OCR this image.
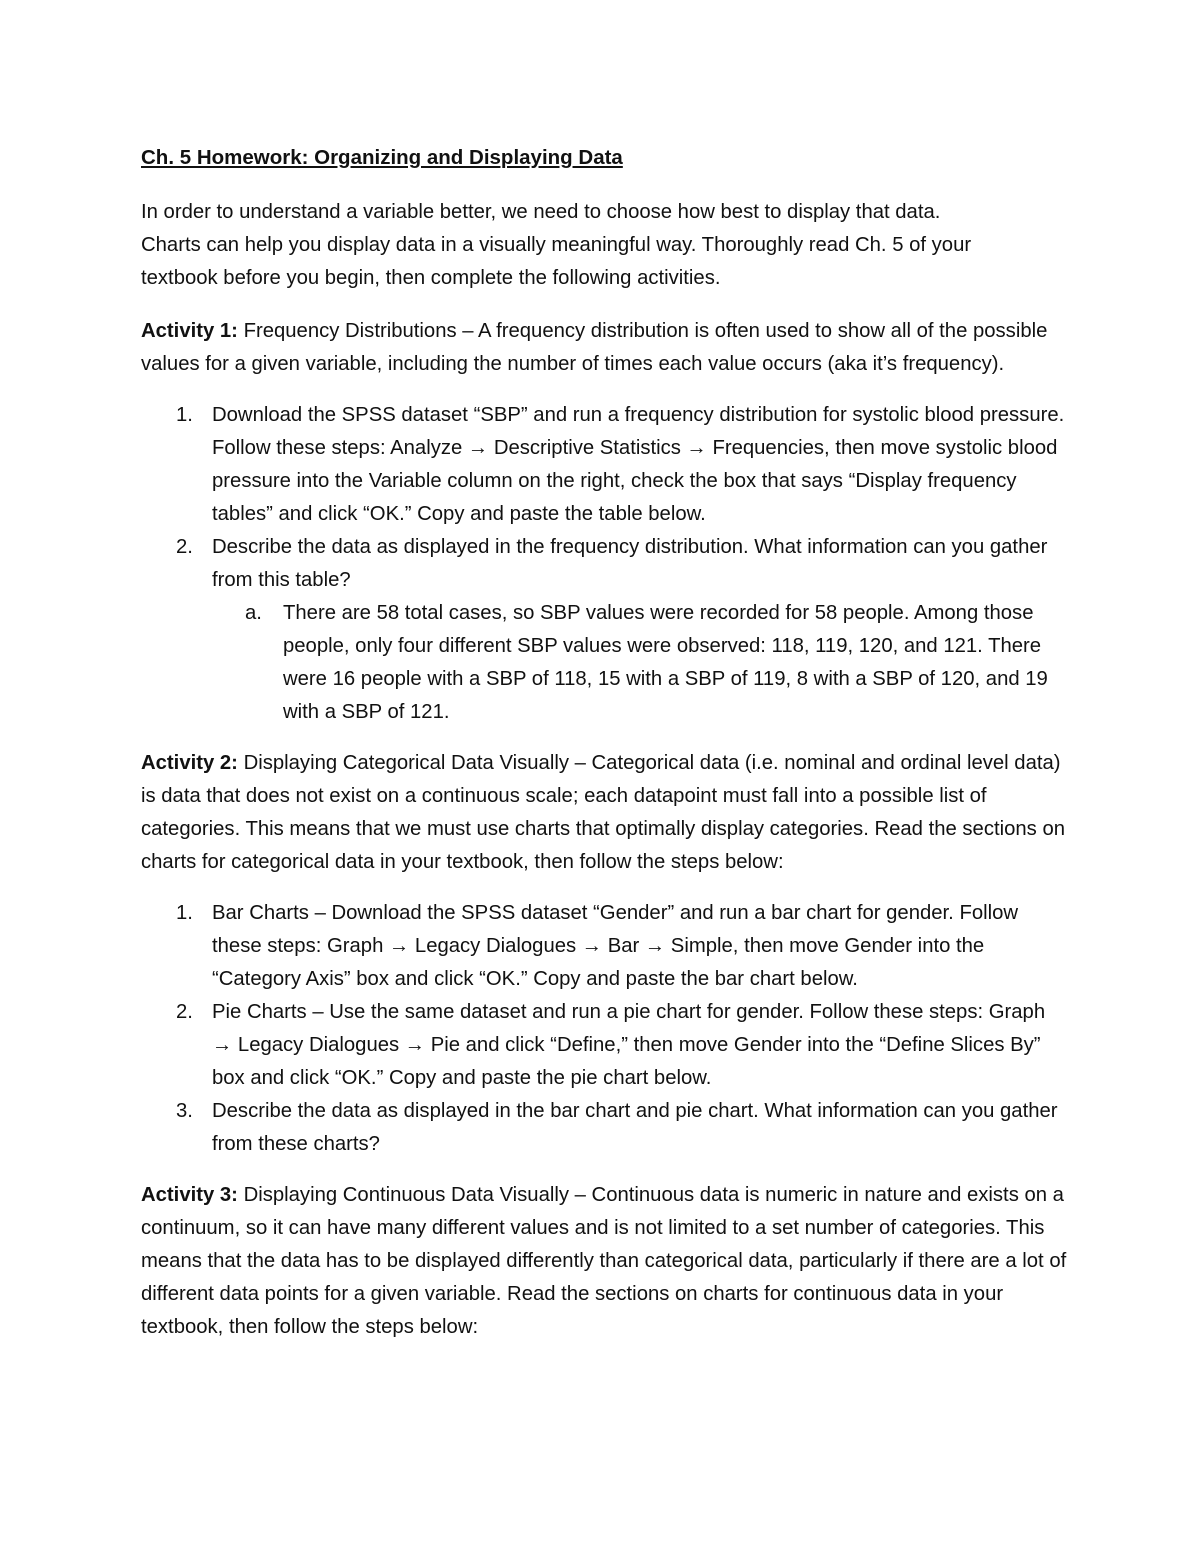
Ch. 5 Homework: Organizing and Displaying Data

In order to understand a variable better, we need to choose how best to display that data.

Charts can help you display data in a visually meaningful way. Thoroughly read Ch. 5 of your

textbook before you begin, then complete the following activities.

Activity 1: Frequency Distributions – A frequency distribution is often used to show all of the possible values for a given variable, including the number of times each value occurs (aka it’s frequency).

1. Download the SPSS dataset “SBP” and run a frequency distribution for systolic blood pressure. Follow these steps: Analyze → Descriptive Statistics → Frequencies, then move systolic blood pressure into the Variable column on the right, check the box that says “Display frequency tables” and click “OK.” Copy and paste the table below.
2. Describe the data as displayed in the frequency distribution. What information can you gather from this table?
a. There are 58 total cases, so SBP values were recorded for 58 people. Among those people, only four different SBP values were observed: 118, 119, 120, and 121. There were 16 people with a SBP of 118, 15 with a SBP of 119, 8 with a SBP of 120, and 19 with a SBP of 121.

Activity 2: Displaying Categorical Data Visually – Categorical data (i.e. nominal and ordinal level data) is data that does not exist on a continuous scale; each datapoint must fall into a possible list of categories. This means that we must use charts that optimally display categories. Read the sections on charts for categorical data in your textbook, then follow the steps below:

1. Bar Charts – Download the SPSS dataset “Gender” and run a bar chart for gender. Follow these steps: Graph → Legacy Dialogues → Bar → Simple, then move Gender into the “Category Axis” box and click “OK.” Copy and paste the bar chart below.
2. Pie Charts – Use the same dataset and run a pie chart for gender. Follow these steps: Graph → Legacy Dialogues → Pie and click “Define,” then move Gender into the “Define Slices By” box and click “OK.” Copy and paste the pie chart below.
3. Describe the data as displayed in the bar chart and pie chart. What information can you gather from these charts?

Activity 3: Displaying Continuous Data Visually – Continuous data is numeric in nature and exists on a continuum, so it can have many different values and is not limited to a set number of categories. This means that the data has to be displayed differently than categorical data, particularly if there are a lot of different data points for a given variable. Read the sections on charts for continuous data in your textbook, then follow the steps below:
